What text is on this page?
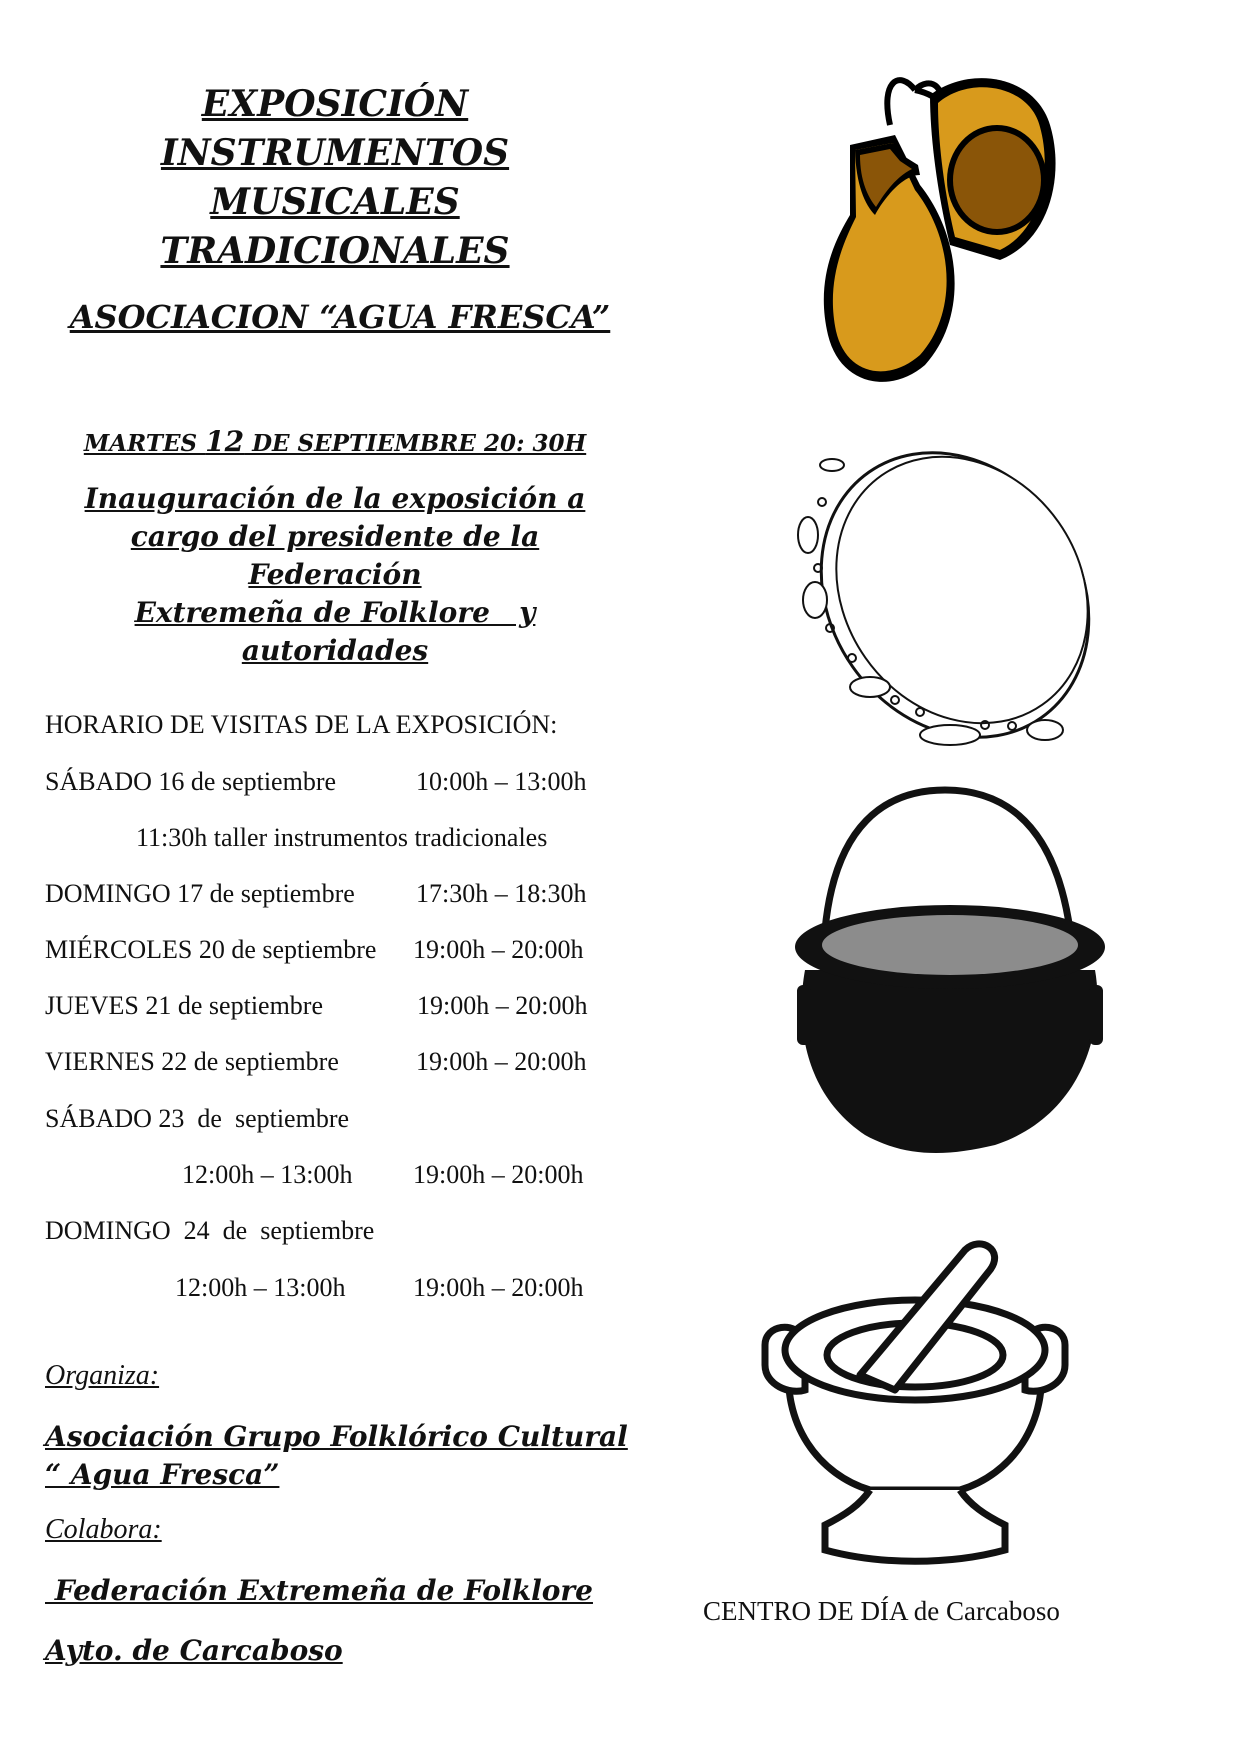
EXPOSICIÓN
INSTRUMENTOS
MUSICALES
TRADICIONALES
ASOCIACION “AGUA FRESCA”
MARTES 12 DE SEPTIEMBRE 20: 30H
Inauguración de la exposición a
cargo del presidente de la Federación
Extremeña de Folklore   y
autoridades
HORARIO DE VISITAS DE LA EXPOSICIÓN:
SÁBADO 16 de septiembre	10:00h – 13:00h
11:30h taller instrumentos tradicionales
DOMINGO 17 de septiembre 17:30h – 18:30h
MIÉRCOLES 20 de septiembre 19:00h – 20:00h
JUEVES 21 de septiembre	19:00h – 20:00h
VIERNES 22 de septiembre	19:00h – 20:00h
SÁBADO 23  de  septiembre
12:00h – 13:00h 19:00h – 20:00h
DOMINGO  24  de  septiembre
12:00h – 13:00h	19:00h – 20:00h
Organiza:
Asociación Grupo Folklórico Cultural
“ Agua Fresca”
Colabora:
Federación Extremeña de Folklore
Ayto. de Carcaboso
CENTRO DE DÍA de Carcaboso
